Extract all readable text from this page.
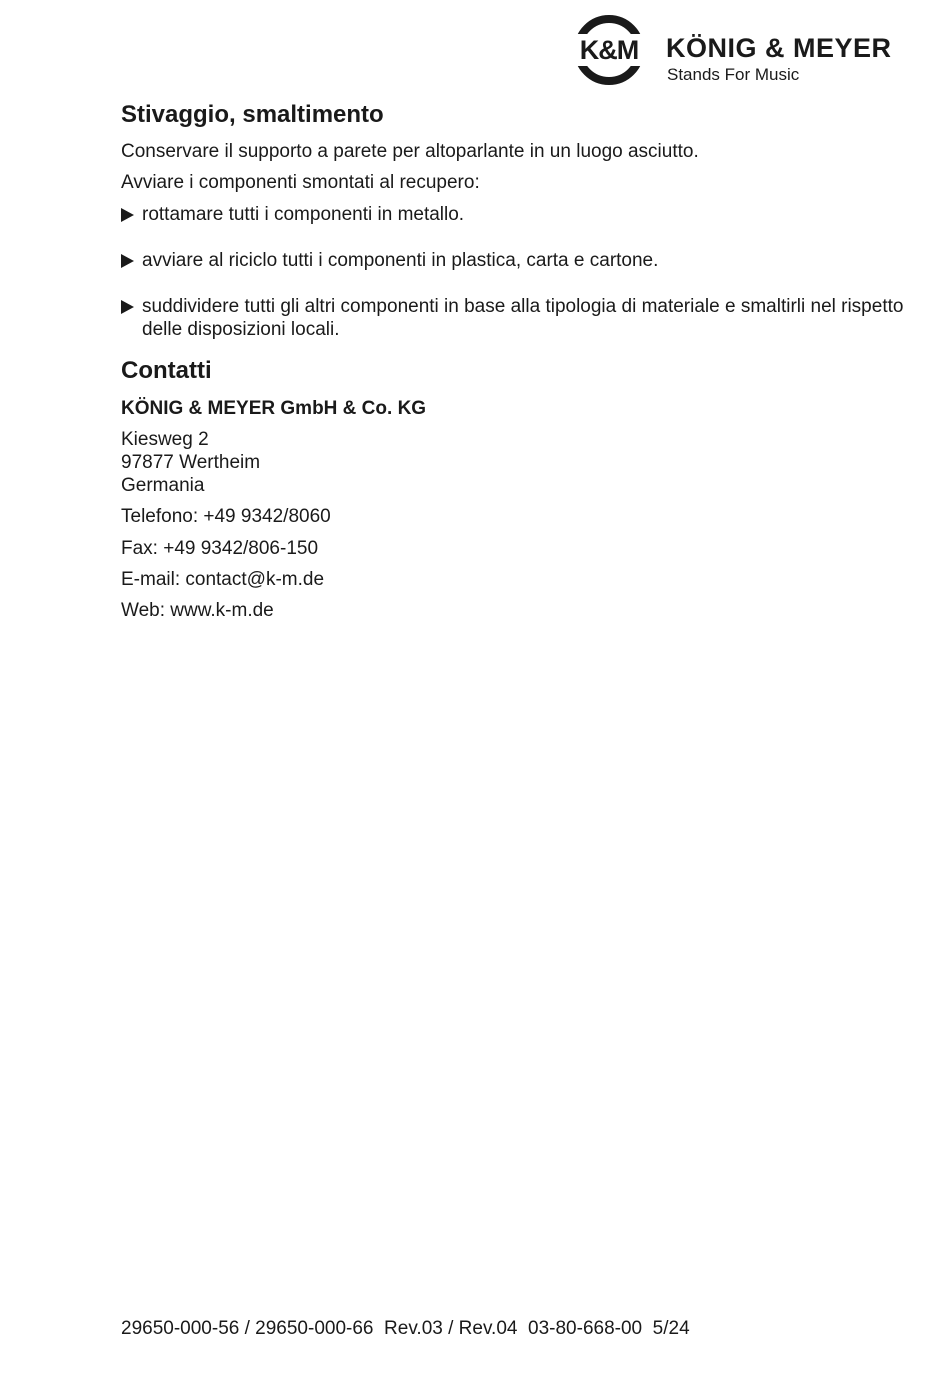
K&M	KÖNIG & MEYER
Stands For Music
Stivaggio, smaltimento

Conservare il supporto a parete per altoparlante in un luogo asciutto.

Avviare i componenti smontati al recupero:

rottamare tutti i componenti in metallo.
avviare al riciclo tutti i componenti in plastica, carta e cartone.
suddividere tutti gli altri componenti in base alla tipologia di materiale e smaltirli nel rispetto delle disposizioni locali.
Contatti

KÖNIG & MEYER GmbH & Co. KG

Kiesweg 2

97877 Wertheim

Germania

Telefono: +49 9342/8060

Fax: +49 9342/806-150

E-mail: contact@k-m.de

Web: www.k-m.de

29650-000-56 / 29650-000-66  Rev.03 / Rev.04  03-80-668-00  5/24
